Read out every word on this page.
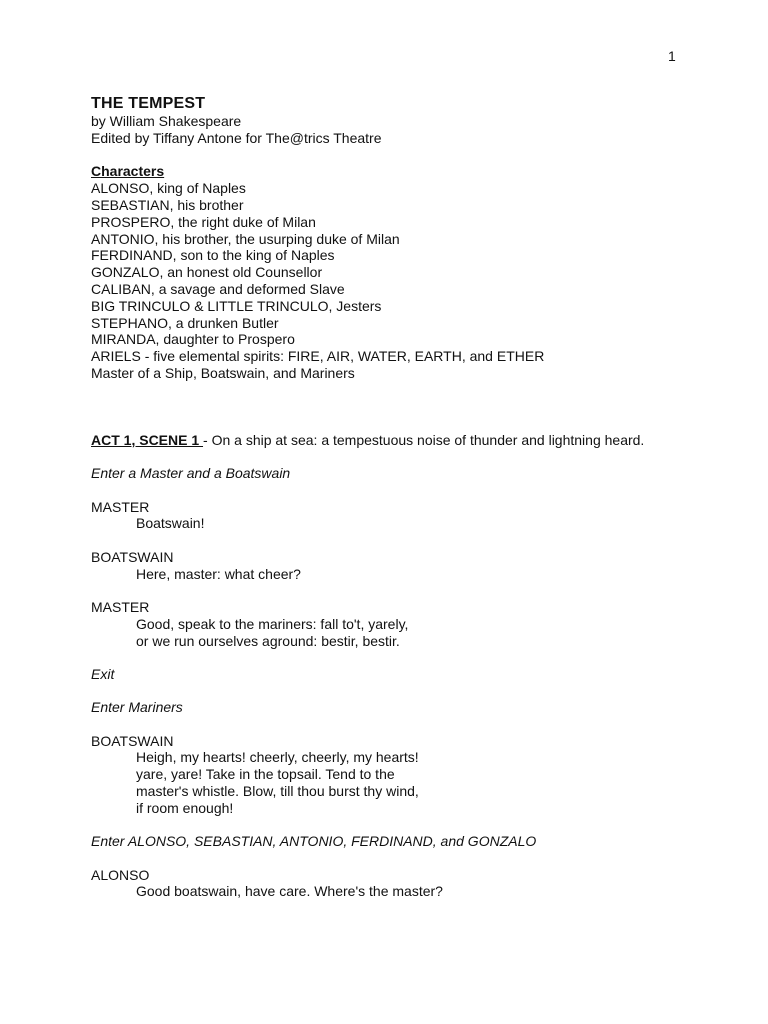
1

THE TEMPEST

by William Shakespeare

Edited by Tiffany Antone for The@trics Theatre

Characters

ALONSO, king of Naples

SEBASTIAN, his brother

PROSPERO, the right duke of Milan

ANTONIO, his brother, the usurping duke of Milan

FERDINAND, son to the king of Naples

GONZALO, an honest old Counsellor

CALIBAN, a savage and deformed Slave

BIG TRINCULO & LITTLE TRINCULO, Jesters

STEPHANO, a drunken Butler

MIRANDA, daughter to Prospero

ARIELS - five elemental spirits: FIRE, AIR, WATER, EARTH, and ETHER

Master of a Ship, Boatswain, and Mariners

ACT 1, SCENE 1 - On a ship at sea: a tempestuous noise of thunder and lightning heard.

Enter a Master and a Boatswain

MASTER

Boatswain!

BOATSWAIN

Here, master: what cheer?

MASTER

Good, speak to the mariners: fall to't, yarely,

or we run ourselves aground: bestir, bestir.

Exit

Enter Mariners

BOATSWAIN

Heigh, my hearts! cheerly, cheerly, my hearts!

yare, yare! Take in the topsail. Tend to the

master's whistle. Blow, till thou burst thy wind,

if room enough!

Enter ALONSO, SEBASTIAN, ANTONIO, FERDINAND, and GONZALO

ALONSO

Good boatswain, have care. Where's the master?
